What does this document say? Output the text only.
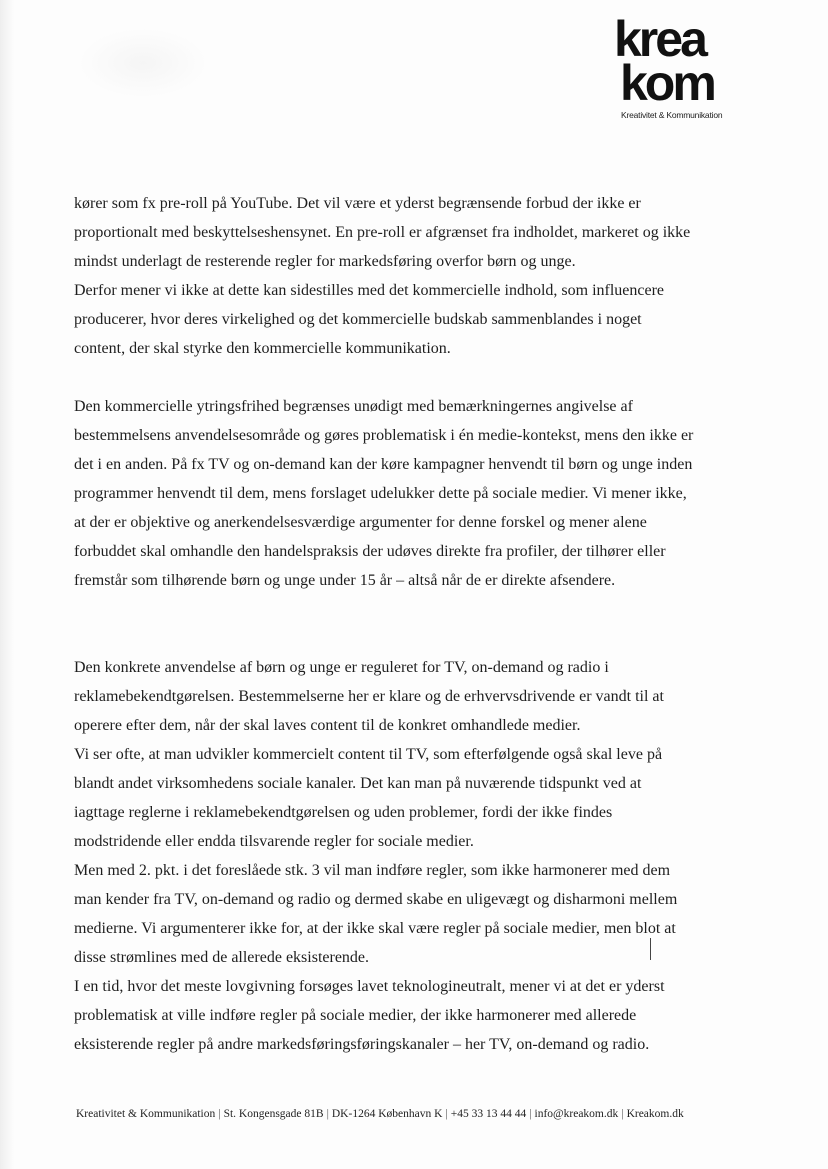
krea
kom
Kreativitet & Kommunikation
kører som fx pre-roll på YouTube. Det vil være et yderst begrænsende forbud der ikke er
proportionalt med beskyttelseshensynet. En pre-roll er afgrænset fra indholdet, markeret og ikke
mindst underlagt de resterende regler for markedsføring overfor børn og unge.
Derfor mener vi ikke at dette kan sidestilles med det kommercielle indhold, som influencere
producerer, hvor deres virkelighed og det kommercielle budskab sammenblandes i noget
content, der skal styrke den kommercielle kommunikation.
Den kommercielle ytringsfrihed begrænses unødigt med bemærkningernes angivelse af
bestemmelsens anvendelsesområde og gøres problematisk i én medie-kontekst, mens den ikke er
det i en anden. På fx TV og on-demand kan der køre kampagner henvendt til børn og unge inden
programmer henvendt til dem, mens forslaget udelukker dette på sociale medier. Vi mener ikke,
at der er objektive og anerkendelsesværdige argumenter for denne forskel og mener alene
forbuddet skal omhandle den handelspraksis der udøves direkte fra profiler, der tilhører eller
fremstår som tilhørende børn og unge under 15 år – altså når de er direkte afsendere.
Den konkrete anvendelse af børn og unge er reguleret for TV, on-demand og radio i
reklamebekendtgørelsen. Bestemmelserne her er klare og de erhvervsdrivende er vandt til at
operere efter dem, når der skal laves content til de konkret omhandlede medier.
Vi ser ofte, at man udvikler kommercielt content til TV, som efterfølgende også skal leve på
blandt andet virksomhedens sociale kanaler. Det kan man på nuværende tidspunkt ved at
iagttage reglerne i reklamebekendtgørelsen og uden problemer, fordi der ikke findes
modstridende eller endda tilsvarende regler for sociale medier.
Men med 2. pkt. i det foreslåede stk. 3 vil man indføre regler, som ikke harmonerer med dem
man kender fra TV, on-demand og radio og dermed skabe en uligevægt og disharmoni mellem
medierne. Vi argumenterer ikke for, at der ikke skal være regler på sociale medier, men blot at
disse strømlines med de allerede eksisterende.
I en tid, hvor det meste lovgivning forsøges lavet teknologineutralt, mener vi at det er yderst
problematisk at ville indføre regler på sociale medier, der ikke harmonerer med allerede
eksisterende regler på andre markedsføringsføringskanaler – her TV, on-demand og radio.
Kreativitet & Kommunikation | St. Kongensgade 81B | DK-1264 København K | +45 33 13 44 44 | info@kreakom.dk | Kreakom.dk
